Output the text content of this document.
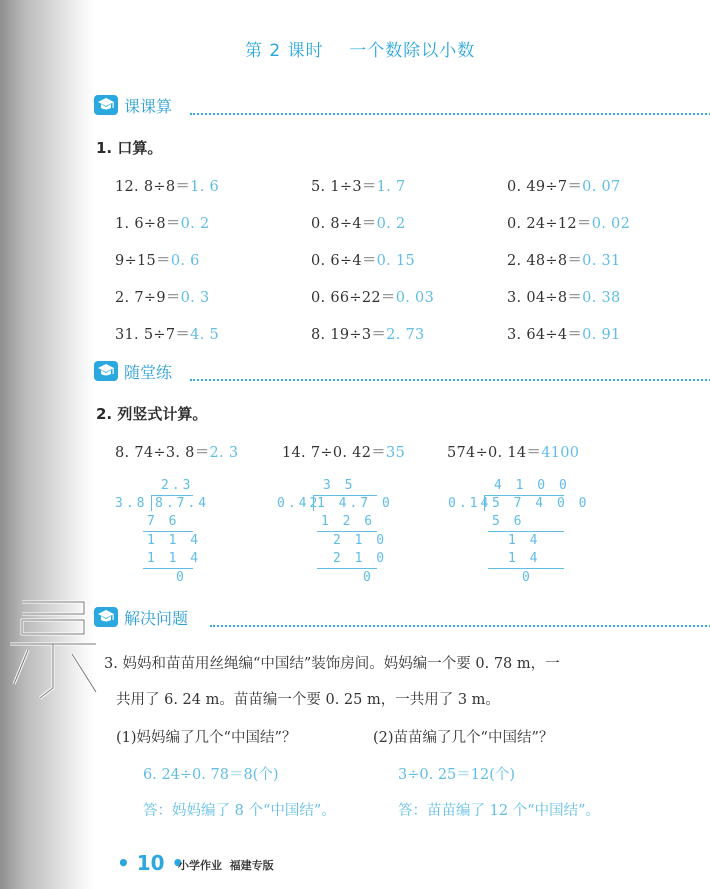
第 2 课时    一个数除以小数
课课算
1. 口算。
12. 8÷8＝1. 6	5. 1÷3＝1. 7	0. 49÷7＝0. 07
1. 6÷8＝0. 2	0. 8÷4＝0. 2	0. 24÷12＝0. 02
9÷15＝0. 6	0. 6÷4＝0. 15	2. 48÷8＝0. 31
2. 7÷9＝0. 3	0. 66÷22＝0. 03	3. 04÷8＝0. 38
31. 5÷7＝4. 5	8. 19÷3＝2. 73	3. 64÷4＝0. 91
随堂练
2. 列竖式计算。
8. 74÷3. 8＝2. 3	14. 7÷0. 42＝35	574÷0. 14＝4100
2.3
3.8 8.7.4
7 6
1 1 4
1 1 4
0
3 5
0.42
1 4.7 0
1 2 6
2 1 0
2 1 0
0
4 1 0 0
0.14 5 7 4 0 0
5 6
1 4
1 4
0
解决问题
3. 妈妈和苗苗用丝绳编“中国结”装饰房间。妈妈编一个要 0. 78 m，一
共用了 6. 24 m。苗苗编一个要 0. 25 m，一共用了 3 m。
(1)妈妈编了几个“中国结”？	(2)苗苗编了几个“中国结”？
6. 24÷0. 78＝8(个)	3÷0. 25＝12(个)
答：妈妈编了 8 个“中国结”。	答：苗苗编了 12 个“中国结”。
• 10 •
小学作业  福建专版
